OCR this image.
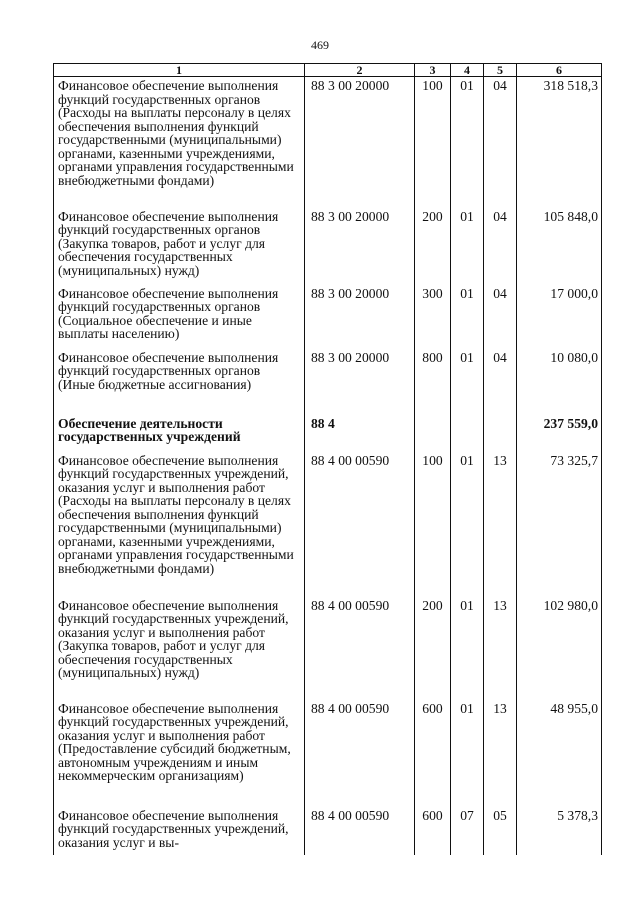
469
1	2	3	4	5	6
Финансовое обеспечение выполнения функций государственных органов (Расходы на выплаты персоналу в целях обеспечения выполнения функций государственными (муниципальными) органами, казенными учреждениями, органами управления государственными внебюджетными фондами)	88 3 00 20000	100	01	04	318 518,3
Финансовое обеспечение выполнения функций государственных органов (Закупка товаров, работ и услуг для обеспечения государственных (муниципальных) нужд)	88 3 00 20000	200	01	04	105 848,0
Финансовое обеспечение выполнения функций государственных органов (Социальное обеспечение и иные выплаты населению)	88 3 00 20000	300	01	04	17 000,0
Финансовое обеспечение выполнения функций государственных органов (Иные бюджетные ассигнования)	88 3 00 20000	800	01	04	10 080,0
Обеспечение деятельности государственных учреждений	88 4				237 559,0
Финансовое обеспечение выполнения функций государственных учреждений, оказания услуг и выполнения работ (Расходы на выплаты персоналу в целях обеспечения выполнения функций государственными (муниципальными) органами, казенными учреждениями, органами управления государственными внебюджетными фондами)	88 4 00 00590	100	01	13	73 325,7
Финансовое обеспечение выполнения функций государственных учреждений, оказания услуг и выполнения работ (Закупка товаров, работ и услуг для обеспечения государственных (муниципальных) нужд)	88 4 00 00590	200	01	13	102 980,0
Финансовое обеспечение выполнения функций государственных учреждений, оказания услуг и выполнения работ (Предоставление субсидий бюджетным, автономным учреждениям и иным некоммерческим организациям)	88 4 00 00590	600	01	13	48 955,0
Финансовое обеспечение выполнения функций государственных учреждений, оказания услуг и вы-	88 4 00 00590	600	07	05	5 378,3
